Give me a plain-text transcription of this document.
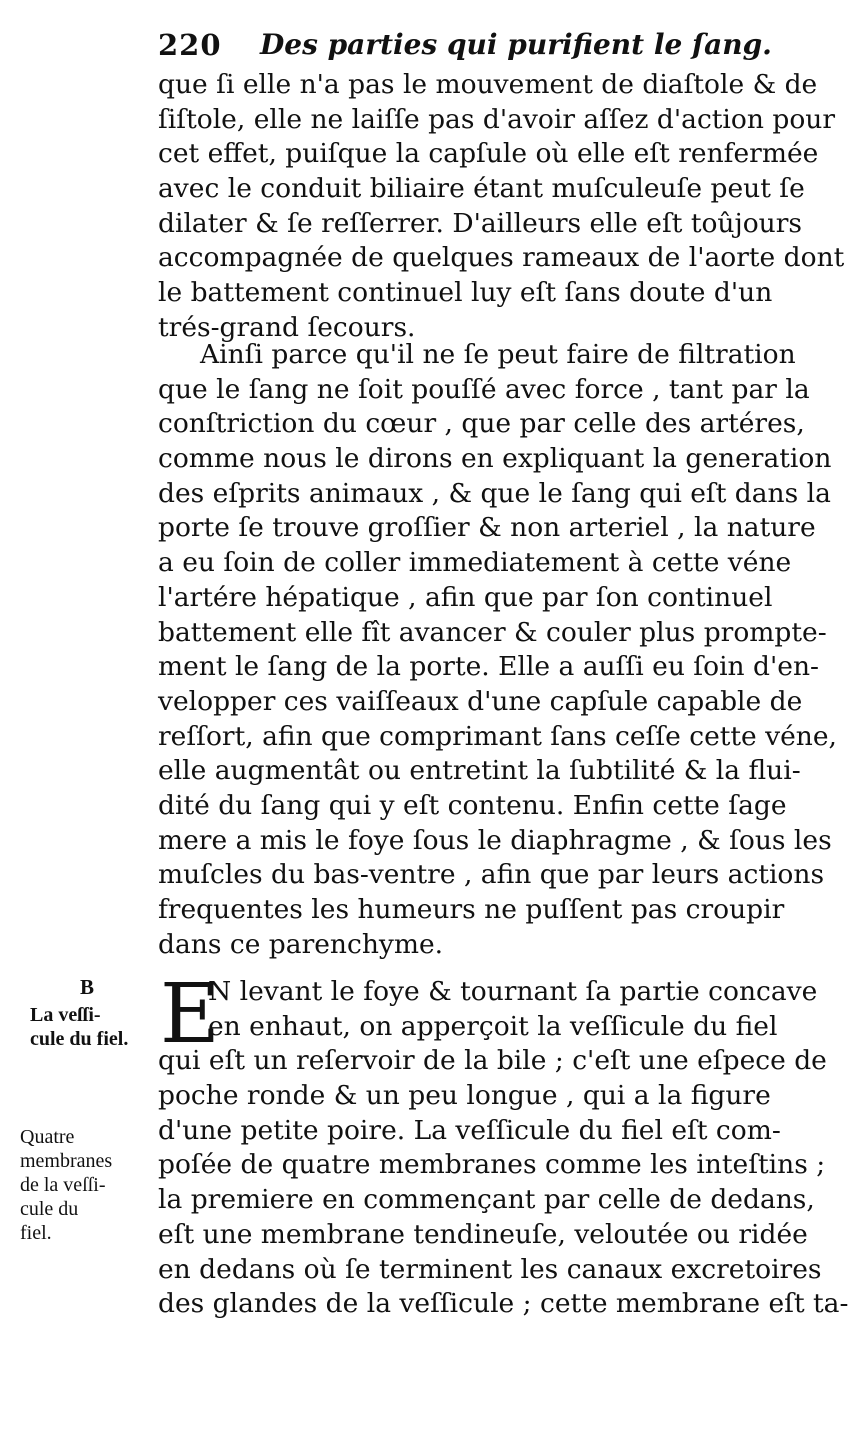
220 Des parties qui purifient le ſang.
que ſi elle n'a pas le mouvement de diaſtole & de
ſiſtole, elle ne laiſſe pas d'avoir aſſez d'action pour
cet effet, puiſque la capſule où elle eſt renfermée
avec le conduit biliaire étant muſculeuſe peut ſe
dilater & ſe reſſerrer. D'ailleurs elle eſt toûjours
accompagnée de quelques rameaux de l'aorte dont
le battement continuel luy eſt ſans doute d'un
trés-grand ſecours.
Ainſi parce qu'il ne ſe peut faire de filtration
que le ſang ne ſoit pouſſé avec force , tant par la
conſtriction du cœur , que par celle des artéres,
comme nous le dirons en expliquant la generation
des eſprits animaux , & que le ſang qui eſt dans la
porte ſe trouve groſſier & non arteriel , la nature
a eu ſoin de coller immediatement à cette véne
l'artére hépatique , afin que par ſon continuel
battement elle fît avancer & couler plus prompte-
ment le ſang de la porte. Elle a auſſi eu ſoin d'en-
velopper ces vaiſſeaux d'une capſule capable de
reſſort, afin que comprimant ſans ceſſe cette véne,
elle augmentât ou entretint la ſubtilité & la flui-
dité du ſang qui y eſt contenu. Enfin cette ſage
mere a mis le foye ſous le diaphragme , & ſous les
muſcles du bas-ventre , afin que par leurs actions
frequentes les humeurs ne puſſent pas croupir
dans ce parenchyme.
E
N levant le foye & tournant ſa partie concave
en enhaut, on apperçoit la veſſicule du fiel
qui eſt un reſervoir de la bile ; c'eſt une eſpece de
poche ronde & un peu longue , qui a la figure
d'une petite poire. La veſſicule du fiel eſt com-
poſée de quatre membranes comme les inteſtins ;
la premiere en commençant par celle de dedans,
eſt une membrane tendineuſe, veloutée ou ridée
en dedans où ſe terminent les canaux excretoires
des glandes de la veſſicule ; cette membrane eſt ta-
B
La veſſi-
cule du fiel.
Quatre
membranes
de la veſſi-
cule du
fiel.
